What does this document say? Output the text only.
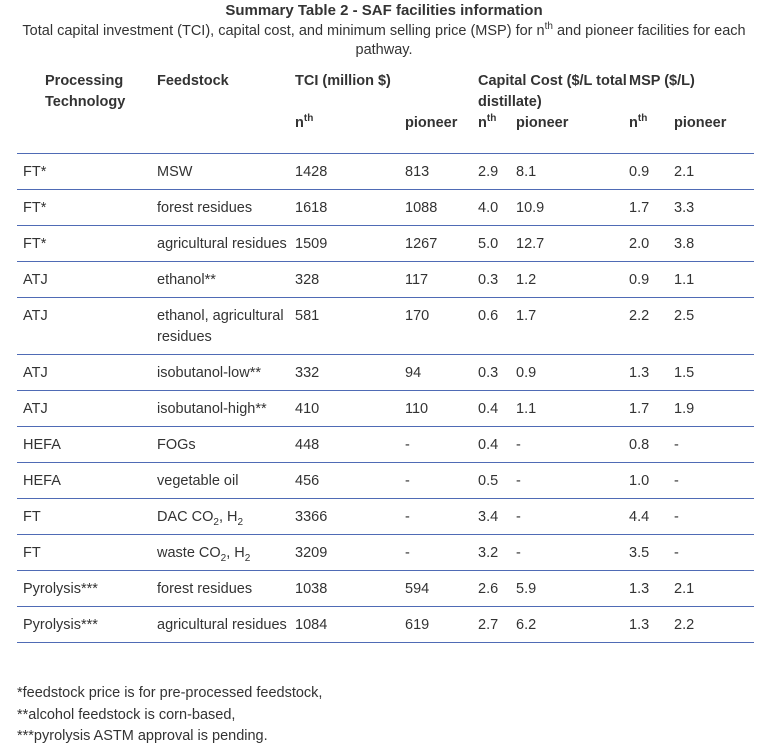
Summary Table 2 - SAF facilities information
Total capital investment (TCI), capital cost, and minimum selling price (MSP) for $n^{th}$ and pioneer facilities for each pathway.
Processing Technology	Feedstock	TCI (million $)		Capital Cost ($/L total distillate)		MSP ($/L)	
		$n^{th}$	pioneer	$n^{th}$	pioneer	$n^{th}$	pioneer
FT*	MSW	1428	813	2.9	8.1	0.9	2.1
FT*	forest residues	1618	1088	4.0	10.9	1.7	3.3
FT*	agricultural residues	1509	1267	5.0	12.7	2.0	3.8
ATJ	ethanol**	328	117	0.3	1.2	0.9	1.1
ATJ	ethanol, agricultural residues	581	170	0.6	1.7	2.2	2.5
ATJ	isobutanol-low**	332	94	0.3	0.9	1.3	1.5
ATJ	isobutanol-high**	410	110	0.4	1.1	1.7	1.9
HEFA	FOGs	448	-	0.4	-	0.8	-
HEFA	vegetable oil	456	-	0.5	-	1.0	-
FT	DAC $CO_2$, $H_2$	3366	-	3.4	-	4.4	-
FT	waste $CO_2$, $H_2$	3209	-	3.2	-	3.5	-
Pyrolysis***	forest residues	1038	594	2.6	5.9	1.3	2.1
Pyrolysis***	agricultural residues	1084	619	2.7	6.2	1.3	2.2
*feedstock price is for pre-processed feedstock,
**alcohol feedstock is corn-based,
***pyrolysis ASTM approval is pending.
